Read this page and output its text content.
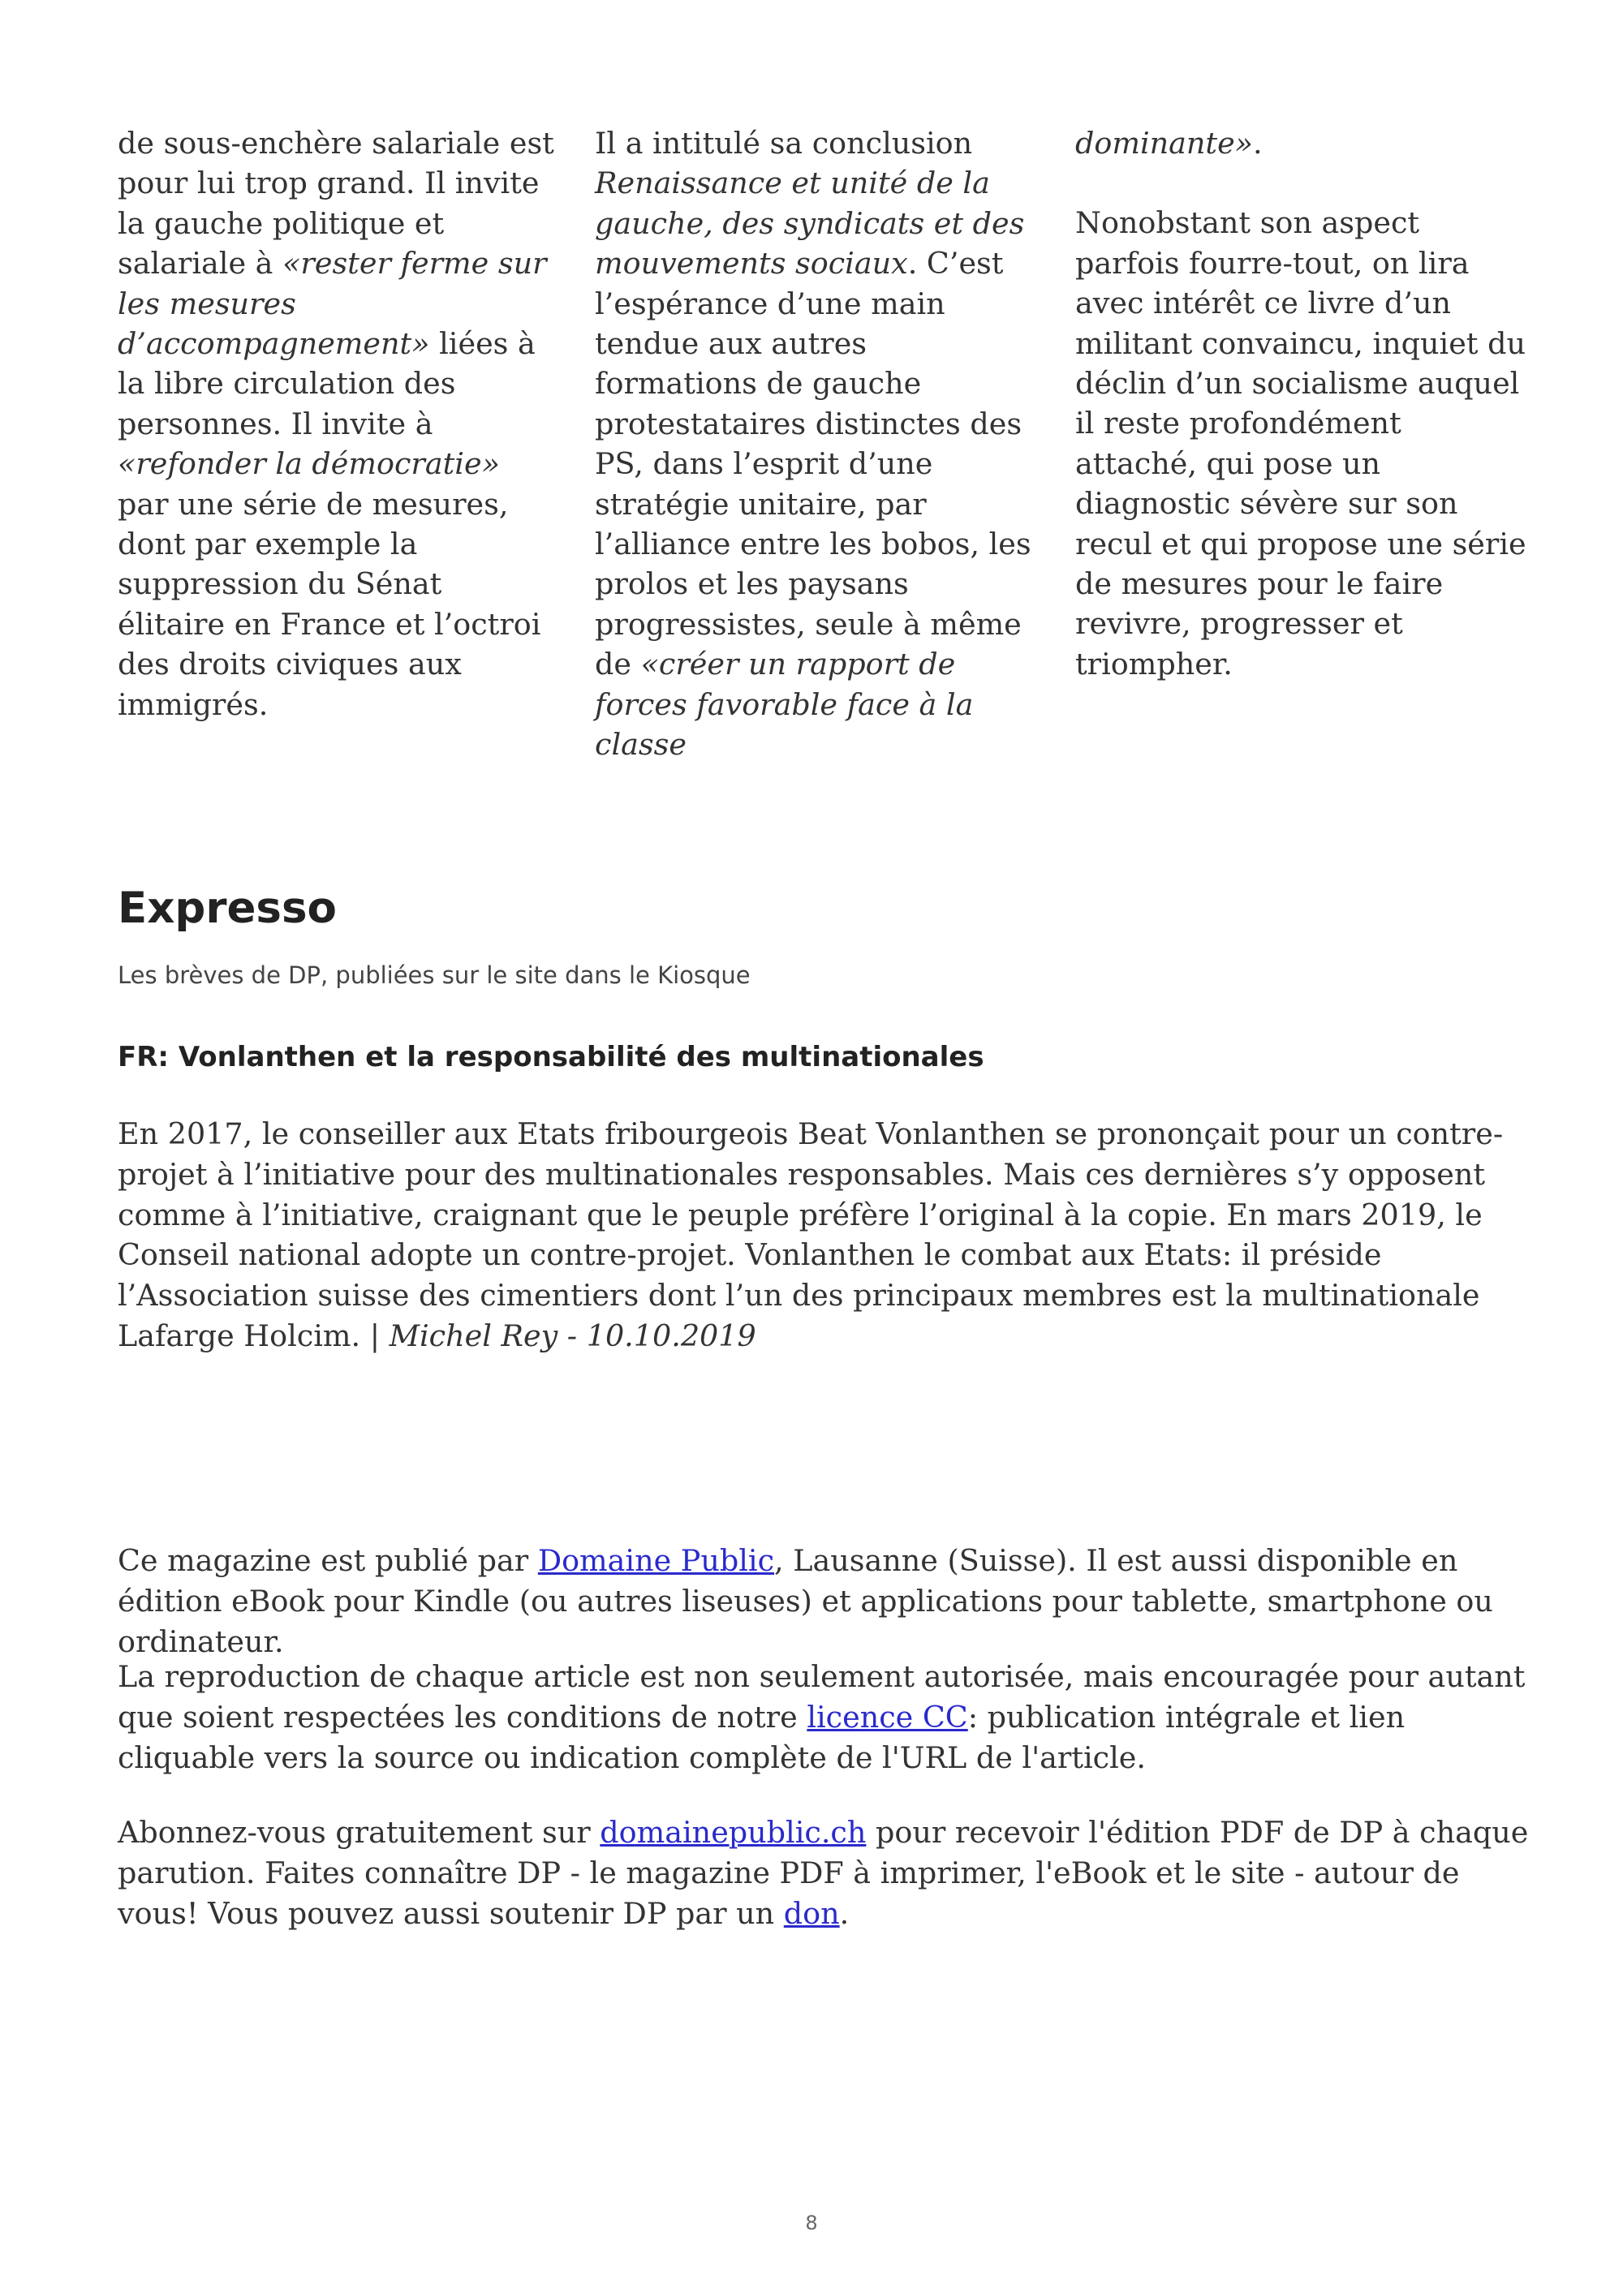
de sous-enchère salariale est pour lui trop grand. Il invite la gauche politique et salariale à «rester ferme sur les mesures d’accompagnement» liées à la libre circulation des personnes. Il invite à «refonder la démocratie» par une série de mesures, dont par exemple la suppression du Sénat élitaire en France et l’octroi des droits civiques aux immigrés.

Il a intitulé sa conclusion Renaissance et unité de la gauche, des syndicats et des mouvements sociaux. C’est l’espérance d’une main tendue aux autres formations de gauche protestataires distinctes des PS, dans l’esprit d’une stratégie unitaire, par l’alliance entre les bobos, les prolos et les paysans progressistes, seule à même de «créer un rapport de forces favorable face à la classe

dominante».

Nonobstant son aspect parfois fourre-tout, on lira avec intérêt ce livre d’un militant convaincu, inquiet du déclin d’un socialisme auquel il reste profondément attaché, qui pose un diagnostic sévère sur son recul et qui propose une série de mesures pour le faire revivre, progresser et triompher.

Expresso

Les brèves de DP, publiées sur le site dans le Kiosque

FR: Vonlanthen et la responsabilité des multinationales

En 2017, le conseiller aux Etats fribourgeois Beat Vonlanthen se prononçait pour un contre-projet à l’initiative pour des multinationales responsables. Mais ces dernières s’y opposent comme à l’initiative, craignant que le peuple préfère l’original à la copie. En mars 2019, le Conseil national adopte un contre-projet. Vonlanthen le combat aux Etats: il préside l’Association suisse des cimentiers dont l’un des principaux membres est la multinationale Lafarge Holcim. | Michel Rey - 10.10.2019

Ce magazine est publié par Domaine Public, Lausanne (Suisse). Il est aussi disponible en édition eBook pour Kindle (ou autres liseuses) et applications pour tablette, smartphone ou ordinateur.

La reproduction de chaque article est non seulement autorisée, mais encouragée pour autant que soient respectées les conditions de notre licence CC: publication intégrale et lien cliquable vers la source ou indication complète de l'URL de l'article.

Abonnez-vous gratuitement sur domainepublic.ch pour recevoir l'édition PDF de DP à chaque parution. Faites connaître DP - le magazine PDF à imprimer, l'eBook et le site - autour de vous! Vous pouvez aussi soutenir DP par un don.

8
